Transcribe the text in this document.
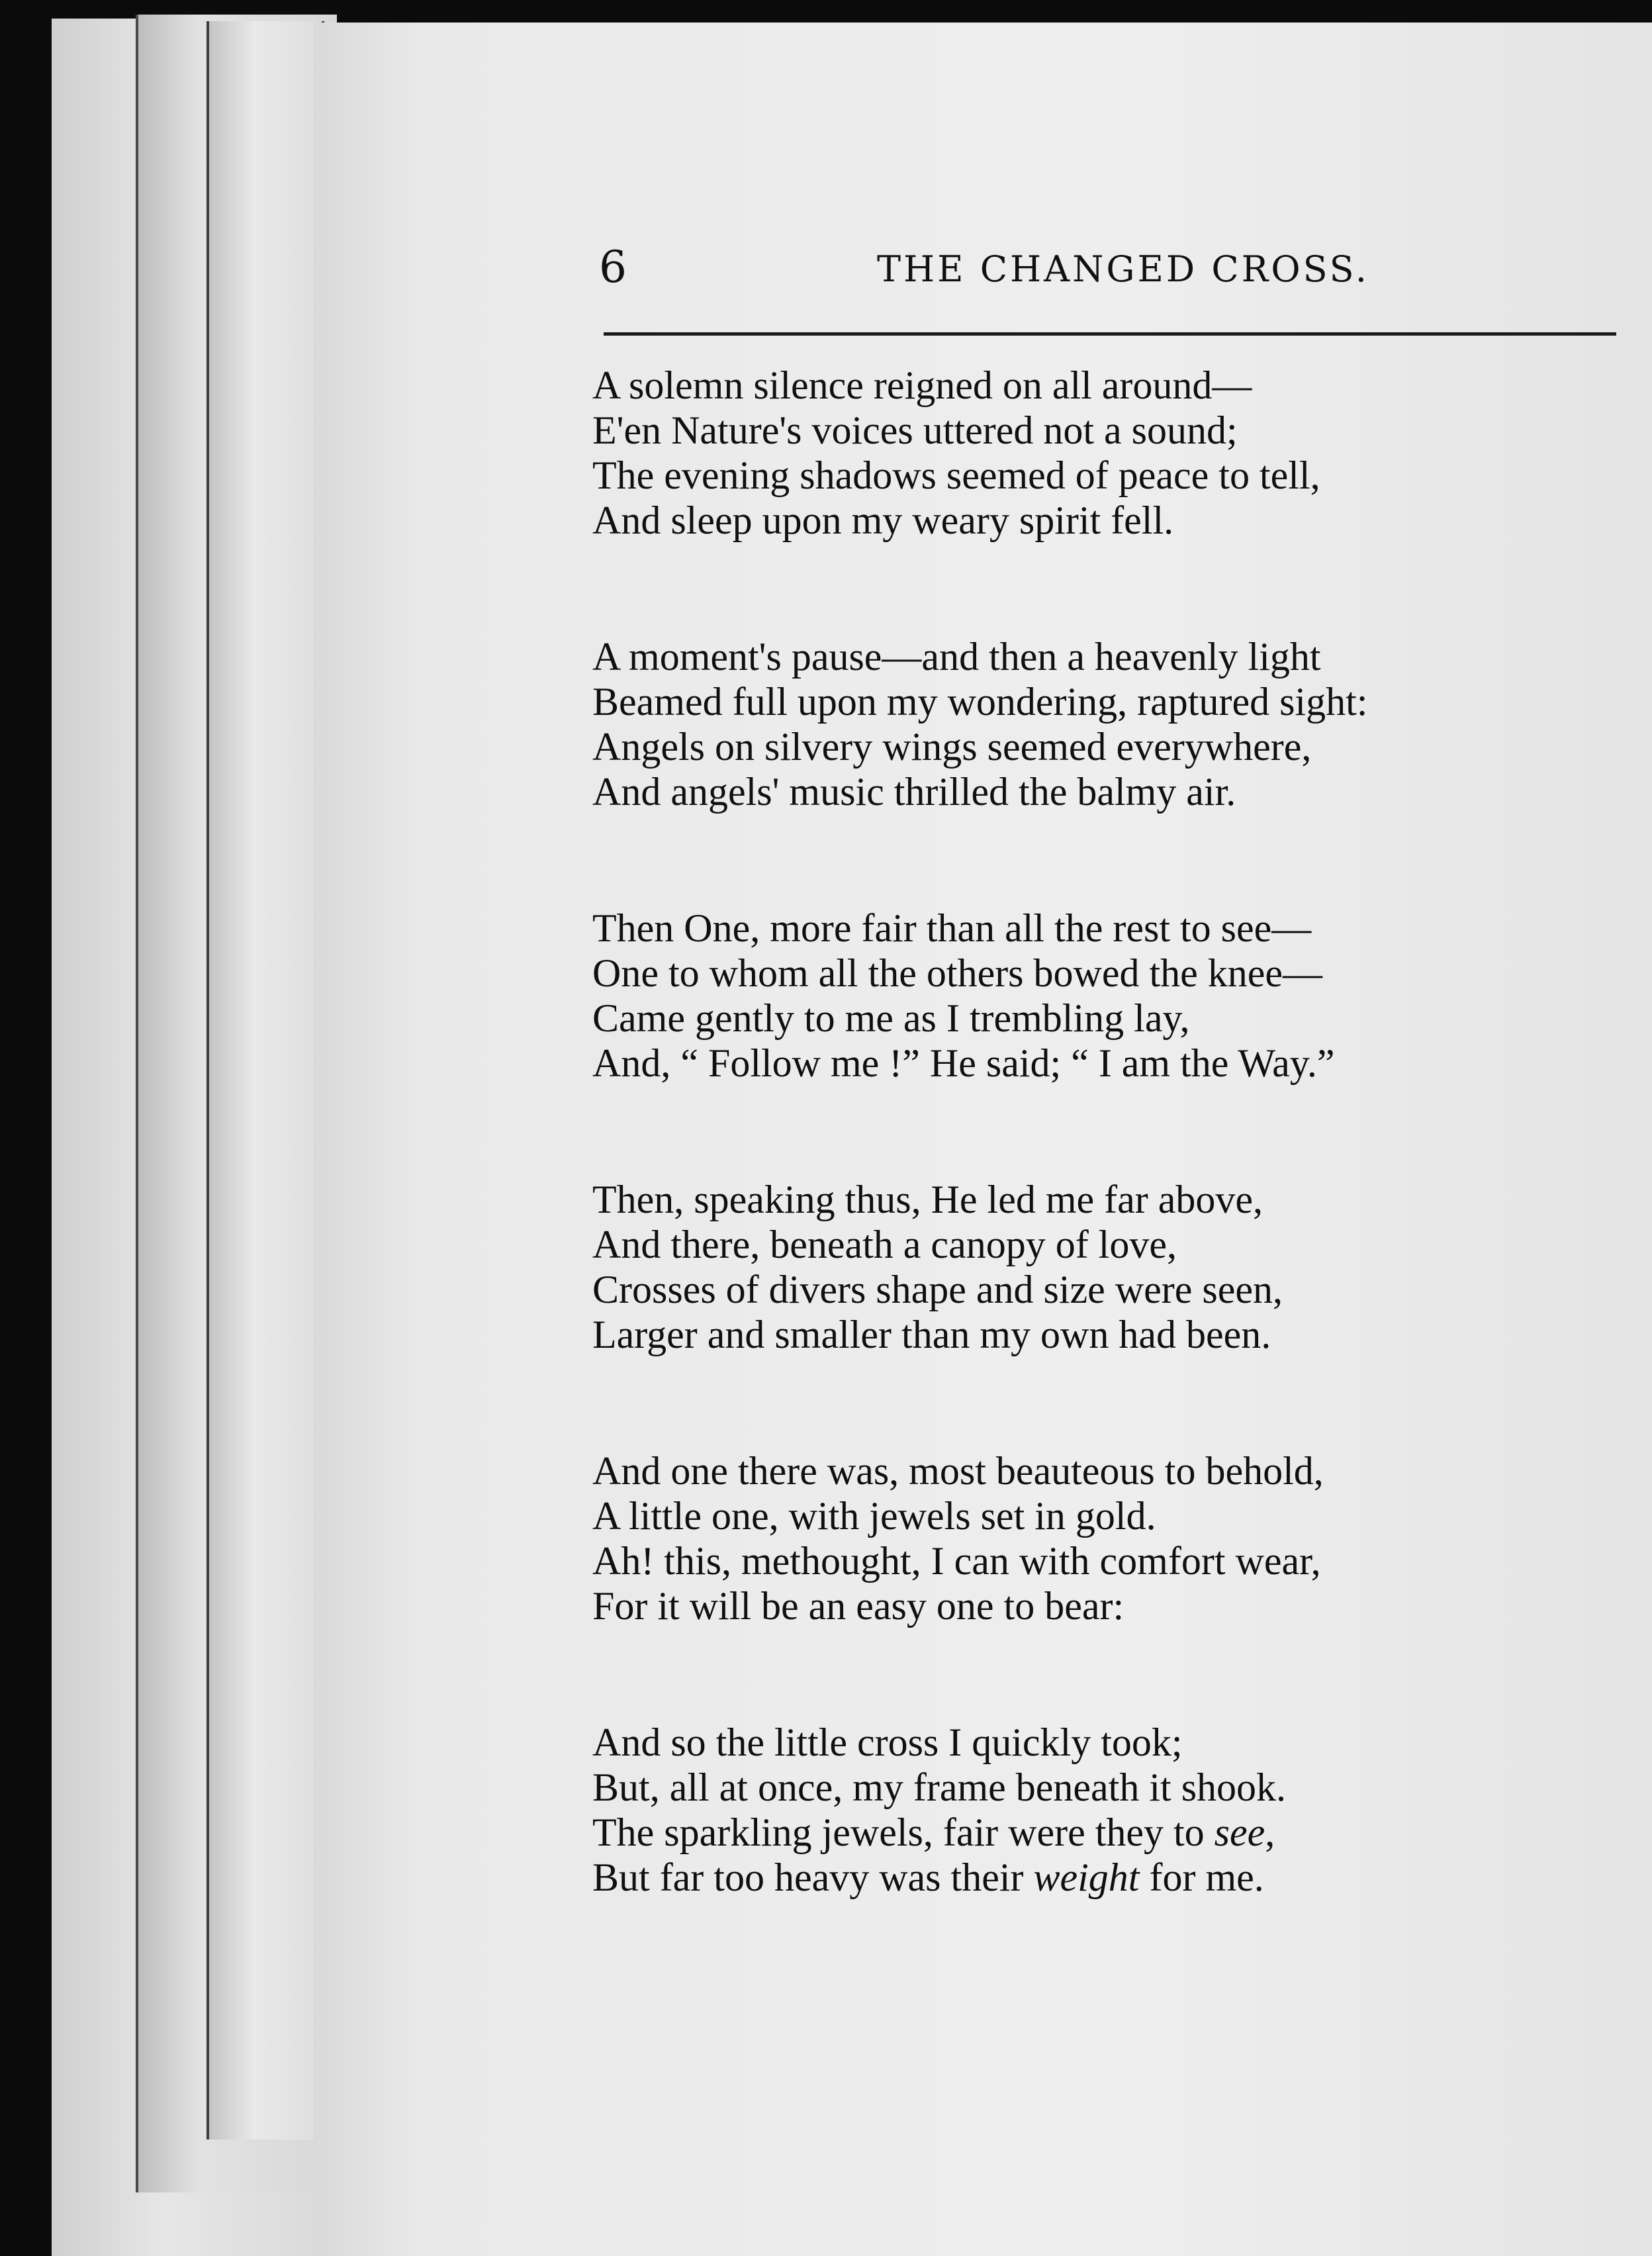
6	THE CHANGED CROSS.
A solemn silence reigned on all around—
E'en Nature's voices uttered not a sound;
The evening shadows seemed of peace to tell,
And sleep upon my weary spirit fell.
A moment's pause—and then a heavenly light
Beamed full upon my wondering, raptured sight:
Angels on silvery wings seemed everywhere,
And angels' music thrilled the balmy air.
Then One, more fair than all the rest to see—
One to whom all the others bowed the knee—
Came gently to me as I trembling lay,
And, “ Follow me !” He said; “ I am the Way.”
Then, speaking thus, He led me far above,
And there, beneath a canopy of love,
Crosses of divers shape and size were seen,
Larger and smaller than my own had been.
And one there was, most beauteous to behold,
A little one, with jewels set in gold.
Ah! this, methought, I can with comfort wear,
For it will be an easy one to bear:
And so the little cross I quickly took;
But, all at once, my frame beneath it shook.
The sparkling jewels, fair were they to see,
But far too heavy was their weight for me.
